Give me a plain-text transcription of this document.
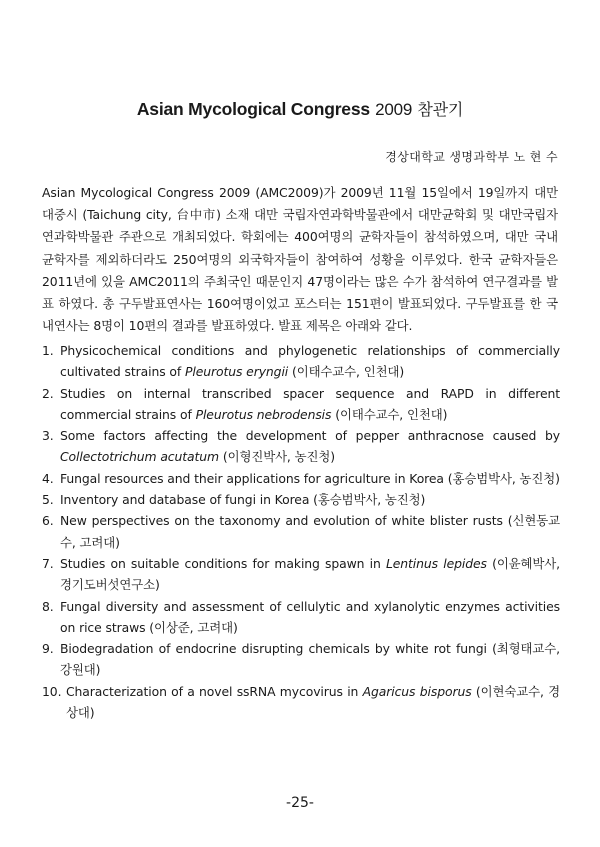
Asian Mycological Congress 2009 참관기
경상대학교 생명과학부 노 현 수
Asian Mycological Congress 2009 (AMC2009)가 2009년 11월 15일에서 19일까지 대만 대중시 (Taichung city, 台中市) 소재 대만 국립자연과학박물관에서 대만균학회 및 대만국립자연과학박물관 주관으로 개최되었다. 학회에는 400여명의 균학자들이 참석하였으며, 대만 국내 균학자를 제외하더라도 250여명의 외국학자들이 참여하여 성황을 이루었다. 한국 균학자들은 2011년에 있을 AMC2011의 주최국인 때문인지 47명이라는 많은 수가 참석하여 연구결과를 발표 하였다. 총 구두발표연사는 160여명이었고 포스터는 151편이 발표되었다. 구두발표를 한 국내연사는 8명이 10편의 결과를 발표하였다. 발표 제목은 아래와 같다.
1. Physicochemical conditions and phylogenetic relationships of commercially cultivated strains of Pleurotus eryngii (이태수교수, 인천대)
2. Studies on internal transcribed spacer sequence and RAPD in different commercial strains of Pleurotus nebrodensis (이태수교수, 인천대)
3. Some factors affecting the development of pepper anthracnose caused by Collectotrichum acutatum (이형진박사, 농진청)
4. Fungal resources and their applications for agriculture in Korea (홍승범박사, 농진청)
5. Inventory and database of fungi in Korea (홍승범박사, 농진청)
6. New perspectives on the taxonomy and evolution of white blister rusts (신현동교수, 고려대)
7. Studies on suitable conditions for making spawn in Lentinus lepides (이윤혜박사, 경기도버섯연구소)
8. Fungal diversity and assessment of cellulytic and xylanolytic enzymes activities on rice straws (이상준, 고려대)
9. Biodegradation of endocrine disrupting chemicals by white rot fungi (최형태교수, 강원대)
10. Characterization of a novel ssRNA mycovirus in Agaricus bisporus (이현숙교수, 경상대)
-25-
